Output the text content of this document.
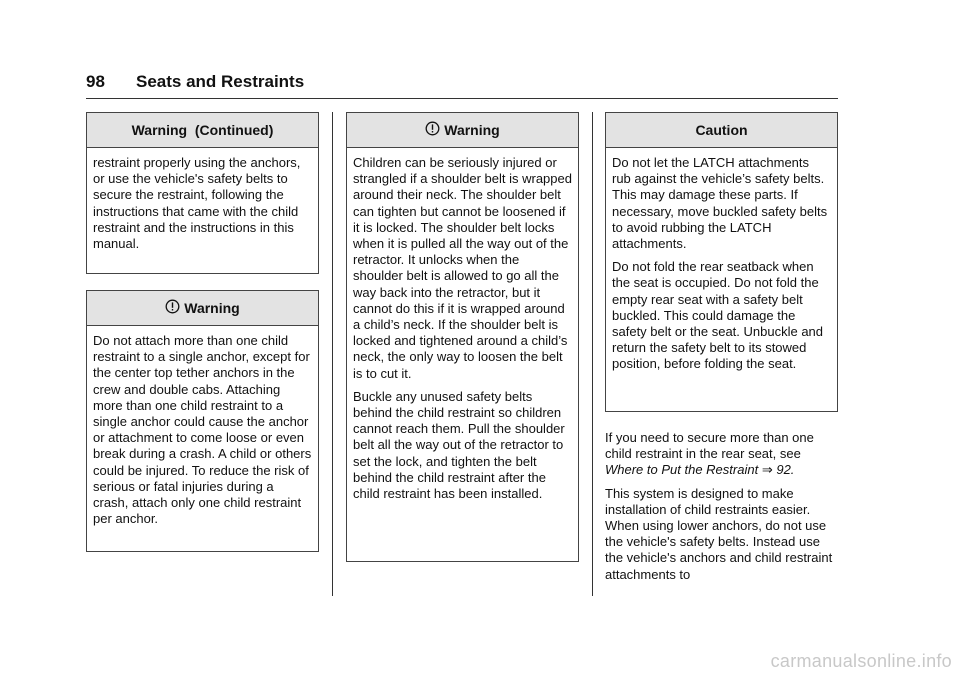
98 Seats and Restraints
Warning  (Continued)

restraint properly using the anchors, or use the vehicle's safety belts to secure the restraint, following the instructions that came with the child restraint and the instructions in this manual.

Warning

Do not attach more than one child restraint to a single anchor, except for the center top tether anchors in the crew and double cabs. Attaching more than one child restraint to a single anchor could cause the anchor or attachment to come loose or even break during a crash. A child or others could be injured. To reduce the risk of serious or fatal injuries during a crash, attach only one child restraint per anchor.

Warning

Children can be seriously injured or strangled if a shoulder belt is wrapped around their neck. The shoulder belt can tighten but cannot be loosened if it is locked. The shoulder belt locks when it is pulled all the way out of the retractor. It unlocks when the shoulder belt is allowed to go all the way back into the retractor, but it cannot do this if it is wrapped around a child’s neck. If the shoulder belt is locked and tightened around a child’s neck, the only way to loosen the belt is to cut it.

Buckle any unused safety belts behind the child restraint so children cannot reach them. Pull the shoulder belt all the way out of the retractor to set the lock, and tighten the belt behind the child restraint after the child restraint has been installed.

Caution

Do not let the LATCH attachments rub against the vehicle’s safety belts. This may damage these parts. If necessary, move buckled safety belts to avoid rubbing the LATCH attachments.

Do not fold the rear seatback when the seat is occupied. Do not fold the empty rear seat with a safety belt buckled. This could damage the safety belt or the seat. Unbuckle and return the safety belt to its stowed position, before folding the seat.

If you need to secure more than one child restraint in the rear seat, see Where to Put the Restraint ⇒ 92.

This system is designed to make installation of child restraints easier. When using lower anchors, do not use the vehicle's safety belts. Instead use the vehicle's anchors and child restraint attachments to

carmanualsonline.info
